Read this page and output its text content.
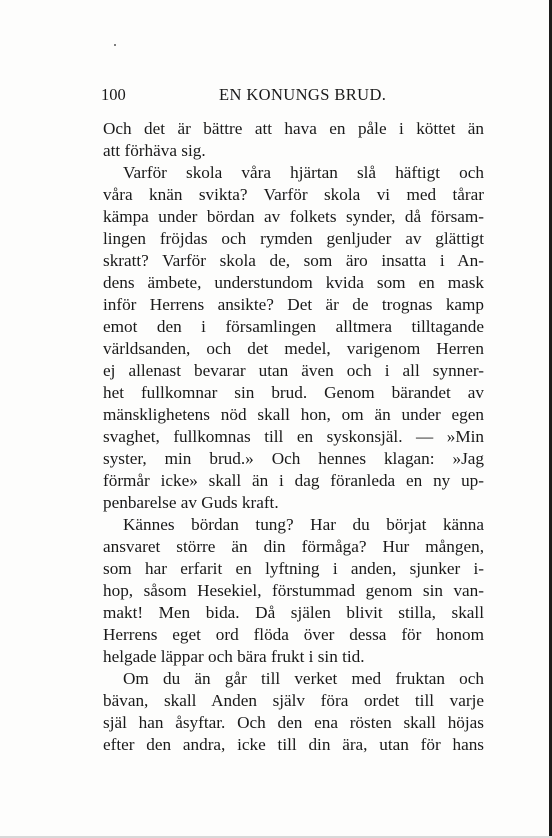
100	EN KONUNGS BRUD.

Och det är bättre att hava en påle i köttet än
att förhäva sig.

Varför skola våra hjärtan slå häftigt och
våra knän svikta? Varför skola vi med tårar
kämpa under bördan av folkets synder, då försam-
lingen fröjdas och rymden genljuder av glättigt
skratt? Varför skola de, som äro insatta i An-
dens ämbete, understundom kvida som en mask
inför Herrens ansikte? Det är de trognas kamp
emot den i församlingen alltmera tilltagande
världsanden, och det medel, varigenom Herren
ej allenast bevarar utan även och i all synner-
het fullkomnar sin brud. Genom bärandet av
mänsklighetens nöd skall hon, om än under egen
svaghet, fullkomnas till en syskonsjäl. — »Min
syster, min brud.» Och hennes klagan: »Jag
förmår icke» skall än i dag föranleda en ny up-
penbarelse av Guds kraft.

Kännes bördan tung? Har du börjat känna
ansvaret större än din förmåga? Hur mången,
som har erfarit en lyftning i anden, sjunker i-
hop, såsom Hesekiel, förstummad genom sin van-
makt! Men bida. Då själen blivit stilla, skall
Herrens eget ord flöda över dessa för honom
helgade läppar och bära frukt i sin tid.

Om du än går till verket med fruktan och
bävan, skall Anden själv föra ordet till varje
själ han åsyftar. Och den ena rösten skall höjas
efter den andra, icke till din ära, utan för hans
